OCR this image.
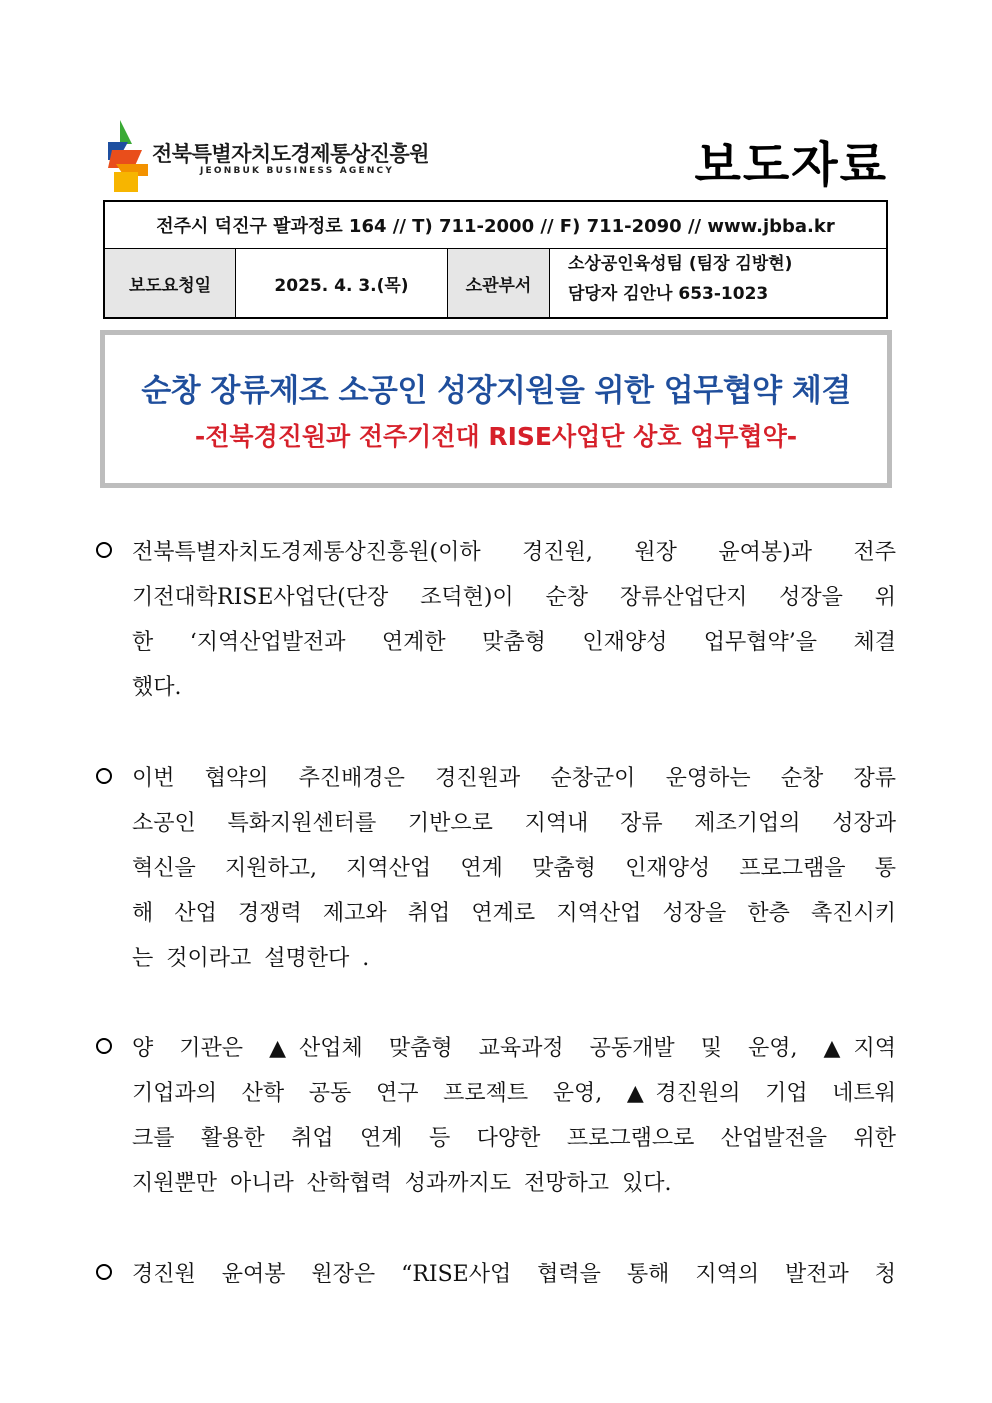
전북특별자치도경제통상진흥원
JEONBUK BUSINESS AGENCY	보도자료
전주시 덕진구 팔과정로 164 // T) 711-2000 // F) 711-2090 // www.jbba.kr
보도요청일	2025. 4. 3.(목)	소관부서
소상공인육성팀 (팀장 김방현)
담당자 김안나 653-1023
순창 장류제조 소공인 성장지원을 위한 업무협약 체결
-전북경진원과 전주기전대 RISE사업단 상호 업무협약-
전북특별자치도경제통상진흥원(이하 경진원, 원장 윤여봉)과 전주
기전대학RISE사업단(단장 조덕현)이 순창 장류산업단지 성장을 위
한 ‘지역산업발전과 연계한 맞춤형 인재양성 업무협약’을 체결
했다.
이번 협약의 추진배경은 경진원과 순창군이 운영하는 순창 장류
소공인 특화지원센터를 기반으로 지역내 장류 제조기업의 성장과
혁신을 지원하고, 지역산업 연계 맞춤형 인재양성 프로그램을 통
해 산업 경쟁력 제고와 취업 연계로 지역산업 성장을 한층 촉진시키
는 것이라고 설명한다 .
양 기관은 ▲산업체 맞춤형 교육과정 공동개발 및 운영, ▲지역
기업과의 산학 공동 연구 프로젝트 운영, ▲경진원의 기업 네트워
크를 활용한 취업 연계 등 다양한 프로그램으로 산업발전을 위한
지원뿐만 아니라 산학협력 성과까지도 전망하고 있다.
경진원 윤여봉 원장은 “RISE사업 협력을 통해 지역의 발전과 청
